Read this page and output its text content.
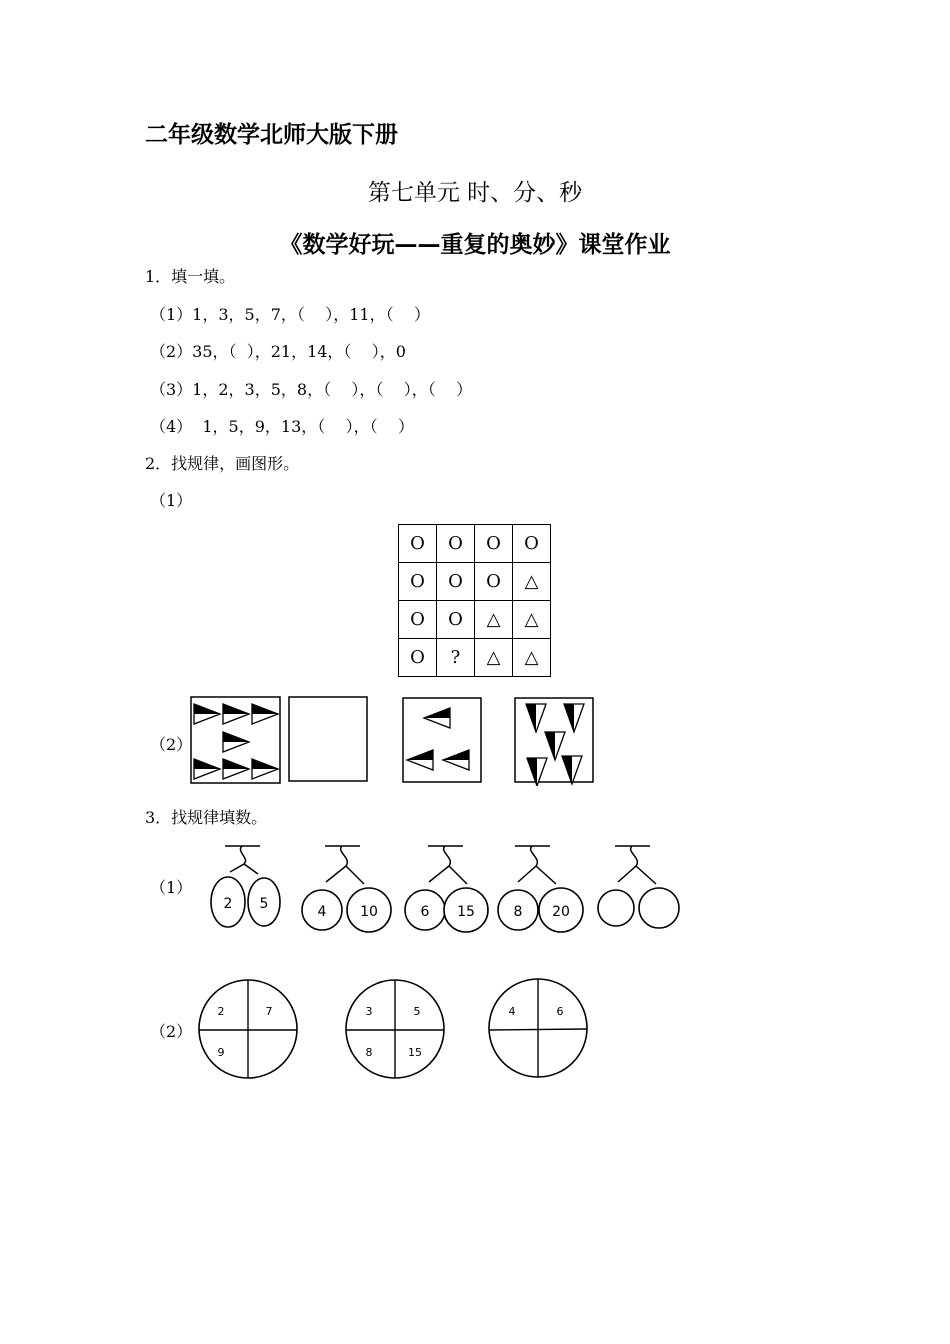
二年级数学北师大版下册
第七单元 时、分、秒
《数学好玩——重复的奥妙》课堂作业
1．填一填。
（1）1，3，5，7，（    ），11，（    ）
（2）35，（  ），21，14，（    ），0
（3）1，2，3，5，8，（    ），（    ），（    ）
（4）  1，5，9，13，（    ），（    ）
2．找规律，画图形。
（1）
O	O	O	O
O	O	O	△
O	O	△	△
O	?	△	△
（2）
3．找规律填数。
（1）
2 5	4 10	6 15	8 20
（2）
2	7
9
3	5
8	15
4	6
